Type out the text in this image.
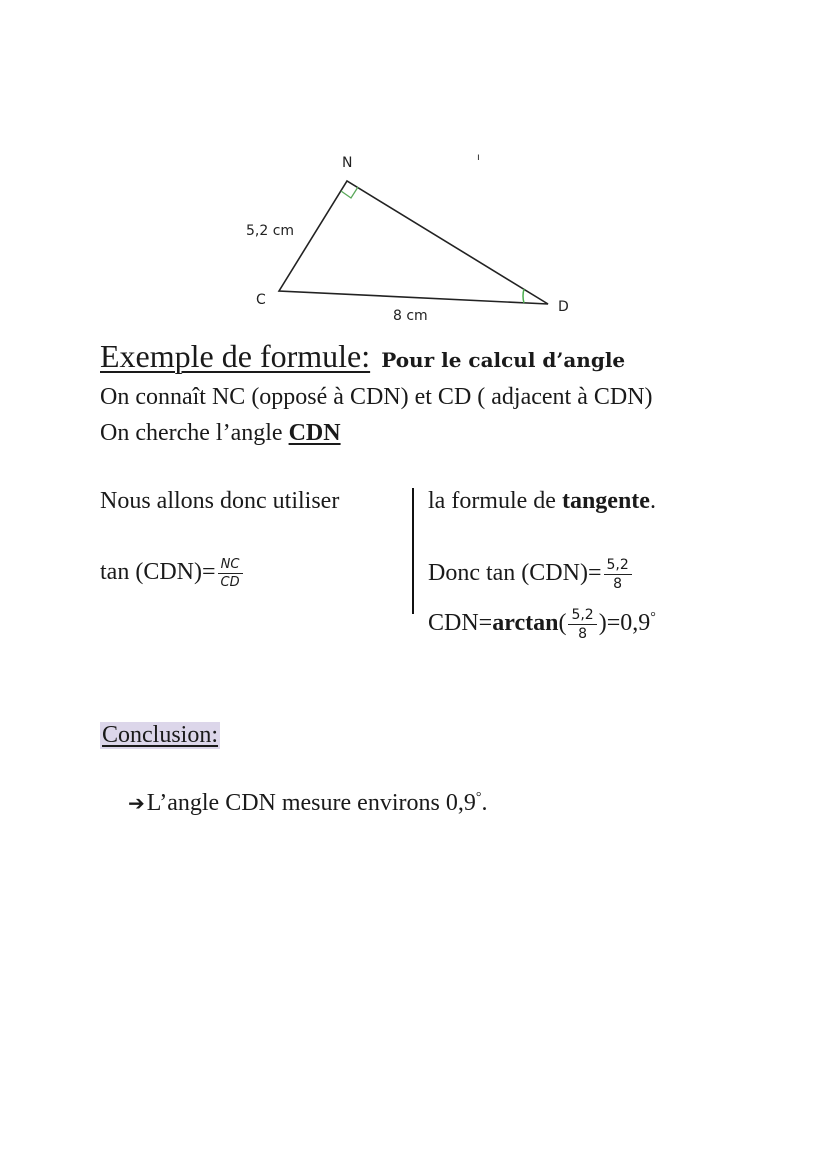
N
C	D
5,2 cm
8 cm
ı
Exemple de formule: Pour le calcul d’angle
On connaît NC (opposé à CDN) et CD ( adjacent à CDN)
On cherche l’angle CDN
Nous allons donc utiliser
$\tan (CDN)= \frac{NC}{CD}$
la formule de tangente.
Donc $\tan (CDN)= \frac{5,2}{8}$
$CDN=\arctan( \frac{5,2}{8} )=0,9^\circ$
Conclusion:
➔L’angle CDN mesure environs 0,9°.
